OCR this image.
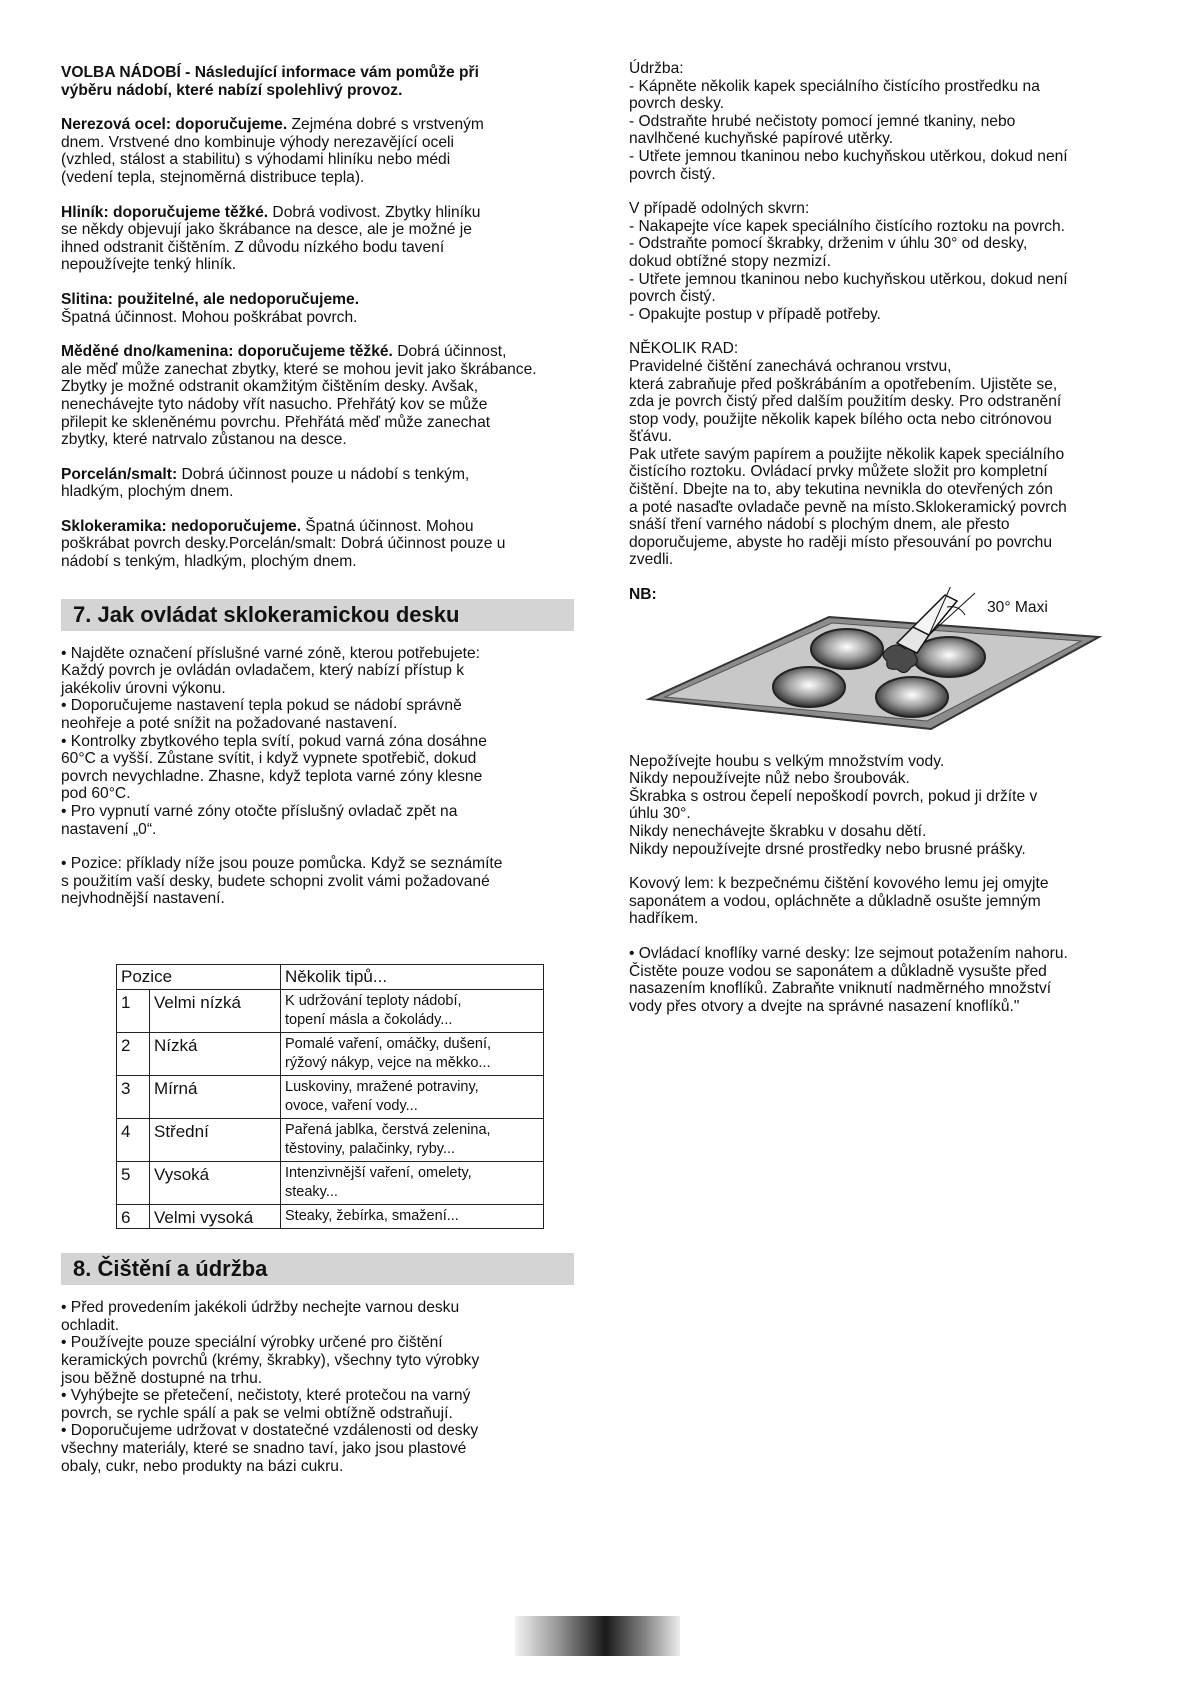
VOLBA NÁDOBÍ - Následující informace vám pomůže při
výběru nádobí, které nabízí spolehlivý provoz.
Nerezová ocel: doporučujeme. Zejména dobré s vrstveným
dnem. Vrstvené dno kombinuje výhody nerezavějící oceli
(vzhled, stálost a stabilitu) s výhodami hliníku nebo médi
(vedení tepla, stejnoměrná distribuce tepla).
Hliník: doporučujeme těžké. Dobrá vodivost. Zbytky hliníku
se někdy objevují jako škrábance na desce, ale je možné je
ihned odstranit čištěním. Z důvodu nízkého bodu tavení
nepoužívejte tenký hliník.
Slitina: použitelné, ale nedoporučujeme.
Špatná účinnost. Mohou poškrábat povrch.
Měděné dno/kamenina: doporučujeme těžké. Dobrá účinnost,
ale měď může zanechat zbytky, které se mohou jevit jako škrábance.
Zbytky je možné odstranit okamžitým čištěním desky. Avšak,
nenechávejte tyto nádoby vřít nasucho. Přehřátý kov se může
přilepit ke skleněnému povrchu. Přehřátá měď může zanechat
zbytky, které natrvalo zůstanou na desce.
Porcelán/smalt: Dobrá účinnost pouze u nádobí s tenkým,
hladkým, plochým dnem.
Sklokeramika: nedoporučujeme. Špatná účinnost. Mohou
poškrábat povrch desky.Porcelán/smalt: Dobrá účinnost pouze u
nádobí s tenkým, hladkým, plochým dnem.
7. Jak ovládat sklokeramickou desku
• Najděte označení příslušné varné zóně, kterou potřebujete:
Každý povrch je ovládán ovladačem, který nabízí přístup k
jakékoliv úrovni výkonu.
• Doporučujeme nastavení tepla pokud se nádobí správně
neohřeje a poté snížit na požadované nastavení.
• Kontrolky zbytkového tepla svítí, pokud varná zóna dosáhne
60°C a vyšší. Zůstane svítit, i když vypnete spotřebič, dokud
povrch nevychladne. Zhasne, když teplota varné zóny klesne
pod 60°C.
• Pro vypnutí varné zóny otočte příslušný ovladač zpět na
nastavení „0“.
• Pozice: příklady níže jsou pouze pomůcka. Když se seznámíte
s použitím vaší desky, budete schopni zvolit vámi požadované
nejvhodnější nastavení.
Pozice		Několik tipů...
1	Velmi nízká	K udržování teploty nádobí,
topení másla a čokolády...

2	Nízká	Pomalé vaření, omáčky, dušení,
rýžový nákyp, vejce na měkko...

3	Mírná	Luskoviny, mražené potraviny,
ovoce, vaření vody...

4	Střední	Pařená jablka, čerstvá zelenina,
těstoviny, palačinky, ryby...

5	Vysoká	Intenzivnější vaření, omelety,
steaky...

6	Velmi vysoká	Steaky, žebírka, smažení...
8. Čištění a údržba
• Před provedením jakékoli údržby nechejte varnou desku
ochladit.
• Používejte pouze speciální výrobky určené pro čištění
keramických povrchů (krémy, škrabky), všechny tyto výrobky
jsou běžně dostupné na trhu.
• Vyhýbejte se přetečení, nečistoty, které protečou na varný
povrch, se rychle spálí a pak se velmi obtížně odstraňují.
• Doporučujeme udržovat v dostatečné vzdálenosti od desky
všechny materiály, které se snadno taví, jako jsou plastové
obaly, cukr, nebo produkty na bázi cukru.
Údržba:
- Kápněte několik kapek speciálního čistícího prostředku na
povrch desky.
- Odstraňte hrubé nečistoty pomocí jemné tkaniny, nebo
navlhčené kuchyňské papírové utěrky.
- Utřete jemnou tkaninou nebo kuchyňskou utěrkou, dokud není
povrch čistý.
V případě odolných skvrn:
- Nakapejte více kapek speciálního čistícího roztoku na povrch.
- Odstraňte pomocí škrabky, drženim v úhlu 30° od desky,
dokud obtížné stopy nezmizí.
- Utřete jemnou tkaninou nebo kuchyňskou utěrkou, dokud není
povrch čistý.
- Opakujte postup v případě potřeby.
NĚKOLIK RAD:
Pravidelné čištění zanechává ochranou vrstvu,
která zabraňuje před poškrábáním a opotřebením. Ujistěte se,
zda je povrch čistý před dalším použitím desky. Pro odstranění
stop vody, použijte několik kapek bílého octa nebo citrónovou
šťávu.
Pak utřete savým papírem a použijte několik kapek speciálního
čistícího roztoku. Ovládací prvky můžete složit pro kompletní
čištění. Dbejte na to, aby tekutina nevnikla do otevřených zón
a poté nasaďte ovladače pevně na místo.Sklokeramický povrch
snáší tření varného nádobí s plochým dnem, ale přesto
doporučujeme, abyste ho raději místo přesouvání po povrchu
zvedli.
NB:
30° Maxi
Nepožívejte houbu s velkým množstvím vody.
Nikdy nepoužívejte nůž nebo šroubovák.
Škrabka s ostrou čepelí nepoškodí povrch, pokud ji držíte v
úhlu 30°.
Nikdy nenechávejte škrabku v dosahu dětí.
Nikdy nepoužívejte drsné prostředky nebo brusné prášky.
Kovový lem: k bezpečnému čištění kovového lemu jej omyjte
saponátem a vodou, opláchněte a důkladně osušte jemným
hadříkem.
• Ovládací knoflíky varné desky: lze sejmout potažením nahoru.
Čistěte pouze vodou se saponátem a důkladně vysušte před
nasazením knoflíků. Zabraňte vniknutí nadměrného množství
vody přes otvory a dvejte na správné nasazení knoflíků."
